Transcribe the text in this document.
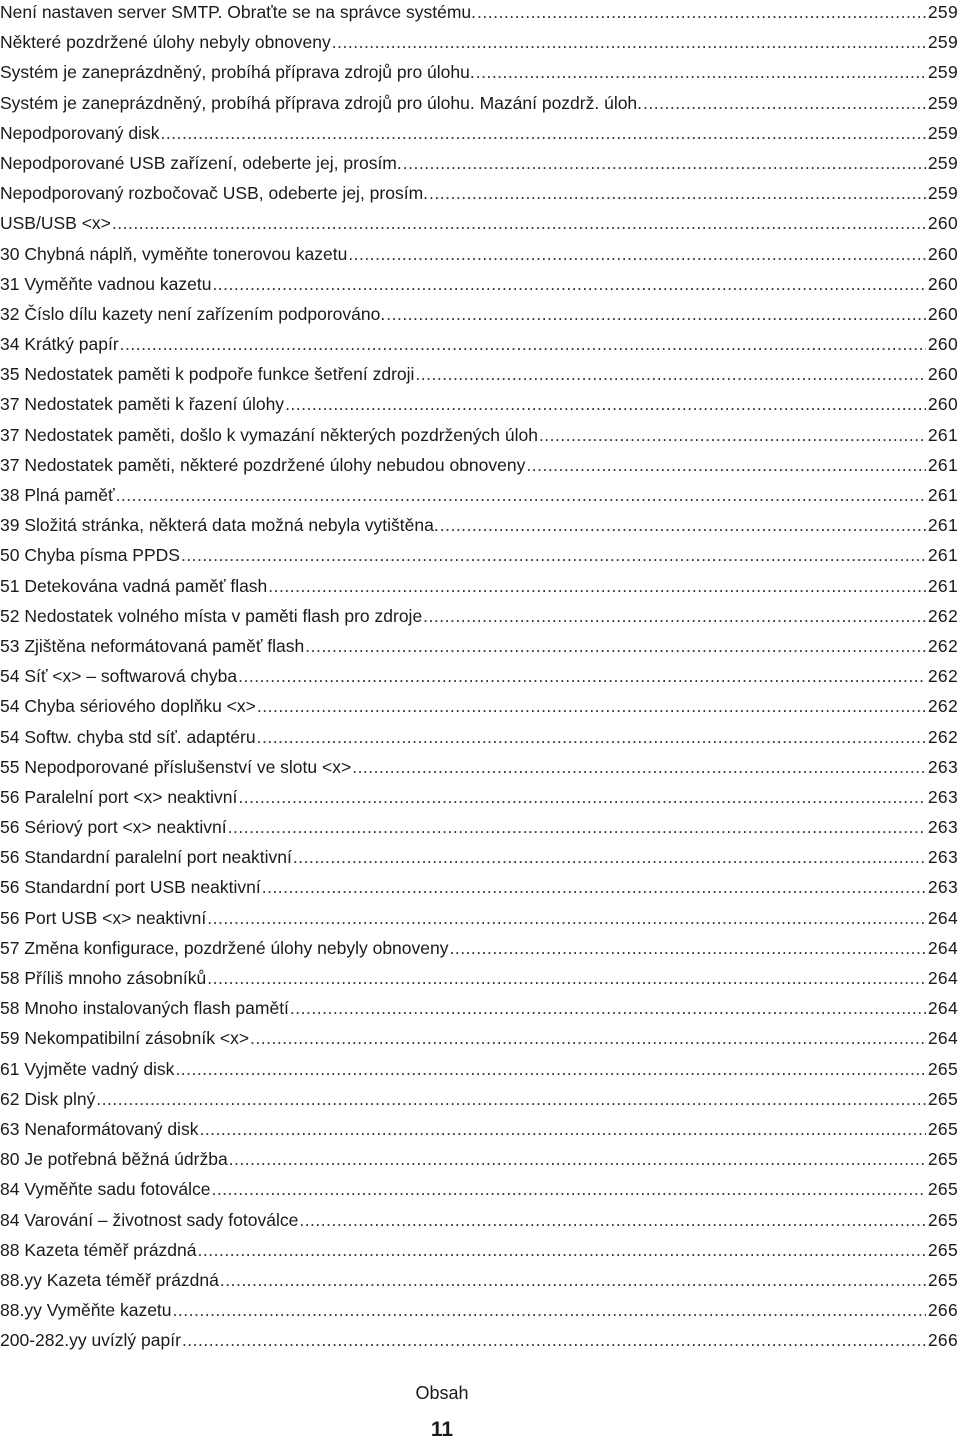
Není nastaven server SMTP. Obraťte se na správce systému. .....	259
Některé pozdržené úlohy nebyly obnoveny .....	259
Systém je zaneprázdněný, probíhá příprava zdrojů pro úlohu. .....	259
Systém je zaneprázdněný, probíhá příprava zdrojů pro úlohu. Mazání pozdrž. úloh. .....	259
Nepodporovaný disk .....	259
Nepodporované USB zařízení, odeberte jej, prosím. .....	259
Nepodporovaný rozbočovač USB, odeberte jej, prosím. .....	259
USB/USB <x> .....	260
30 Chybná náplň, vyměňte tonerovou kazetu .....	260
31 Vyměňte vadnou kazetu .....	260
32 Číslo dílu kazety není zařízením podporováno. .....	260
34 Krátký papír .....	260
35 Nedostatek paměti k podpoře funkce šetření zdroji .....	260
37 Nedostatek paměti k řazení úlohy .....	260
37 Nedostatek paměti, došlo k vymazání některých pozdržených úloh .....	261
37 Nedostatek paměti, některé pozdržené úlohy nebudou obnoveny .....	261
38 Plná paměť .....	261
39 Složitá stránka, některá data možná nebyla vytištěna. .....	261
50 Chyba písma PPDS .....	261
51 Detekována vadná paměť flash .....	261
52 Nedostatek volného místa v paměti flash pro zdroje .....	262
53 Zjištěna neformátovaná paměť flash .....	262
54 Síť <x> – softwarová chyba .....	262
54 Chyba sériového doplňku <x> .....	262
54 Softw. chyba std síť. adaptéru .....	262
55 Nepodporované příslušenství ve slotu <x> .....	263
56 Paralelní port <x> neaktivní .....	263
56 Sériový port <x> neaktivní .....	263
56 Standardní paralelní port neaktivní .....	263
56 Standardní port USB neaktivní .....	263
56 Port USB <x> neaktivní .....	264
57 Změna konfigurace, pozdržené úlohy nebyly obnoveny .....	264
58 Příliš mnoho zásobníků .....	264
58 Mnoho instalovaných flash pamětí .....	264
59 Nekompatibilní zásobník <x> .....	264
61 Vyjměte vadný disk .....	265
62 Disk plný .....	265
63 Nenaformátovaný disk .....	265
80 Je potřebná běžná údržba .....	265
84 Vyměňte sadu fotoválce .....	265
84 Varování – životnost sady fotoválce .....	265
88 Kazeta téměř prázdná .....	265
88.yy Kazeta téměř prázdná .....	265
88.yy Vyměňte kazetu .....	266
200-282.yy uvízlý papír .....	266
Obsah
11
